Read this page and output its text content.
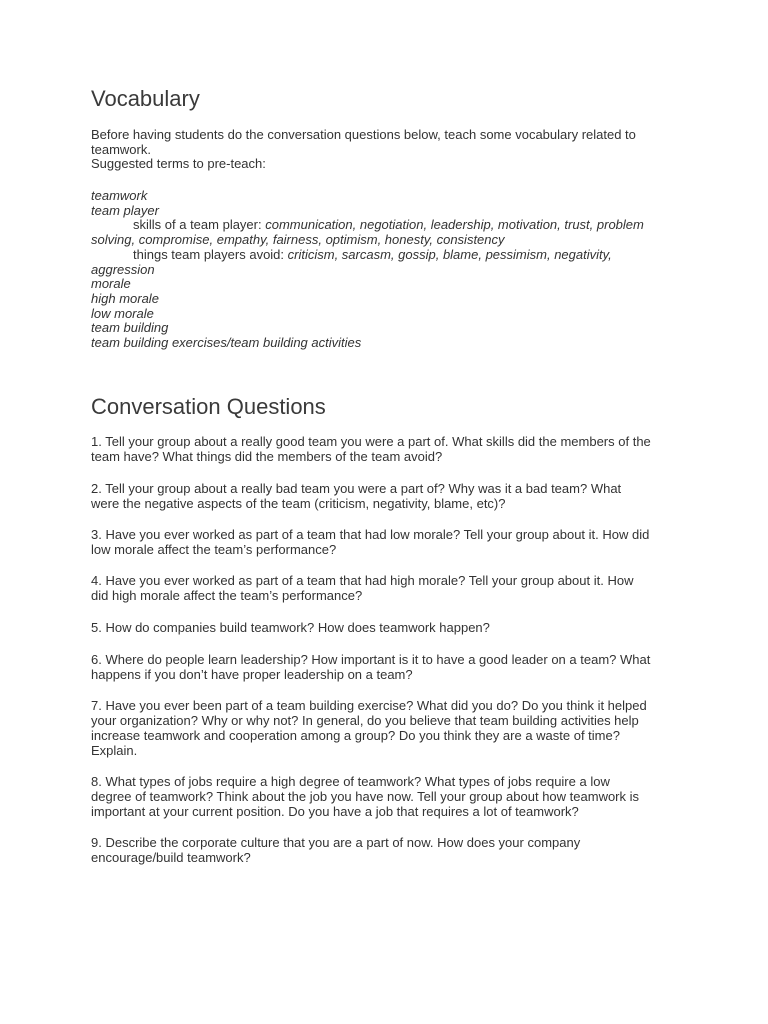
Vocabulary
Before having students do the conversation questions below, teach some vocabulary related to
teamwork.
Suggested terms to pre-teach:
teamwork
team player
skills of a team player: communication, negotiation, leadership, motivation, trust, problem
solving, compromise, empathy, fairness, optimism, honesty, consistency
things team players avoid: criticism, sarcasm, gossip, blame, pessimism, negativity,
aggression
morale
high morale
low morale
team building
team building exercises/team building activities
Conversation Questions
1. Tell your group about a really good team you were a part of. What skills did the members of the
team have? What things did the members of the team avoid?
2. Tell your group about a really bad team you were a part of? Why was it a bad team? What
were the negative aspects of the team (criticism, negativity, blame, etc)?
3. Have you ever worked as part of a team that had low morale? Tell your group about it. How did
low morale affect the team’s performance?
4. Have you ever worked as part of a team that had high morale? Tell your group about it. How
did high morale affect the team’s performance?
5. How do companies build teamwork? How does teamwork happen?
6. Where do people learn leadership? How important is it to have a good leader on a team? What
happens if you don’t have proper leadership on a team?
7. Have you ever been part of a team building exercise? What did you do? Do you think it helped
your organization? Why or why not? In general, do you believe that team building activities help
increase teamwork and cooperation among a group? Do you think they are a waste of time?
Explain.
8. What types of jobs require a high degree of teamwork? What types of jobs require a low
degree of teamwork? Think about the job you have now. Tell your group about how teamwork is
important at your current position. Do you have a job that requires a lot of teamwork?
9. Describe the corporate culture that you are a part of now. How does your company
encourage/build teamwork?
